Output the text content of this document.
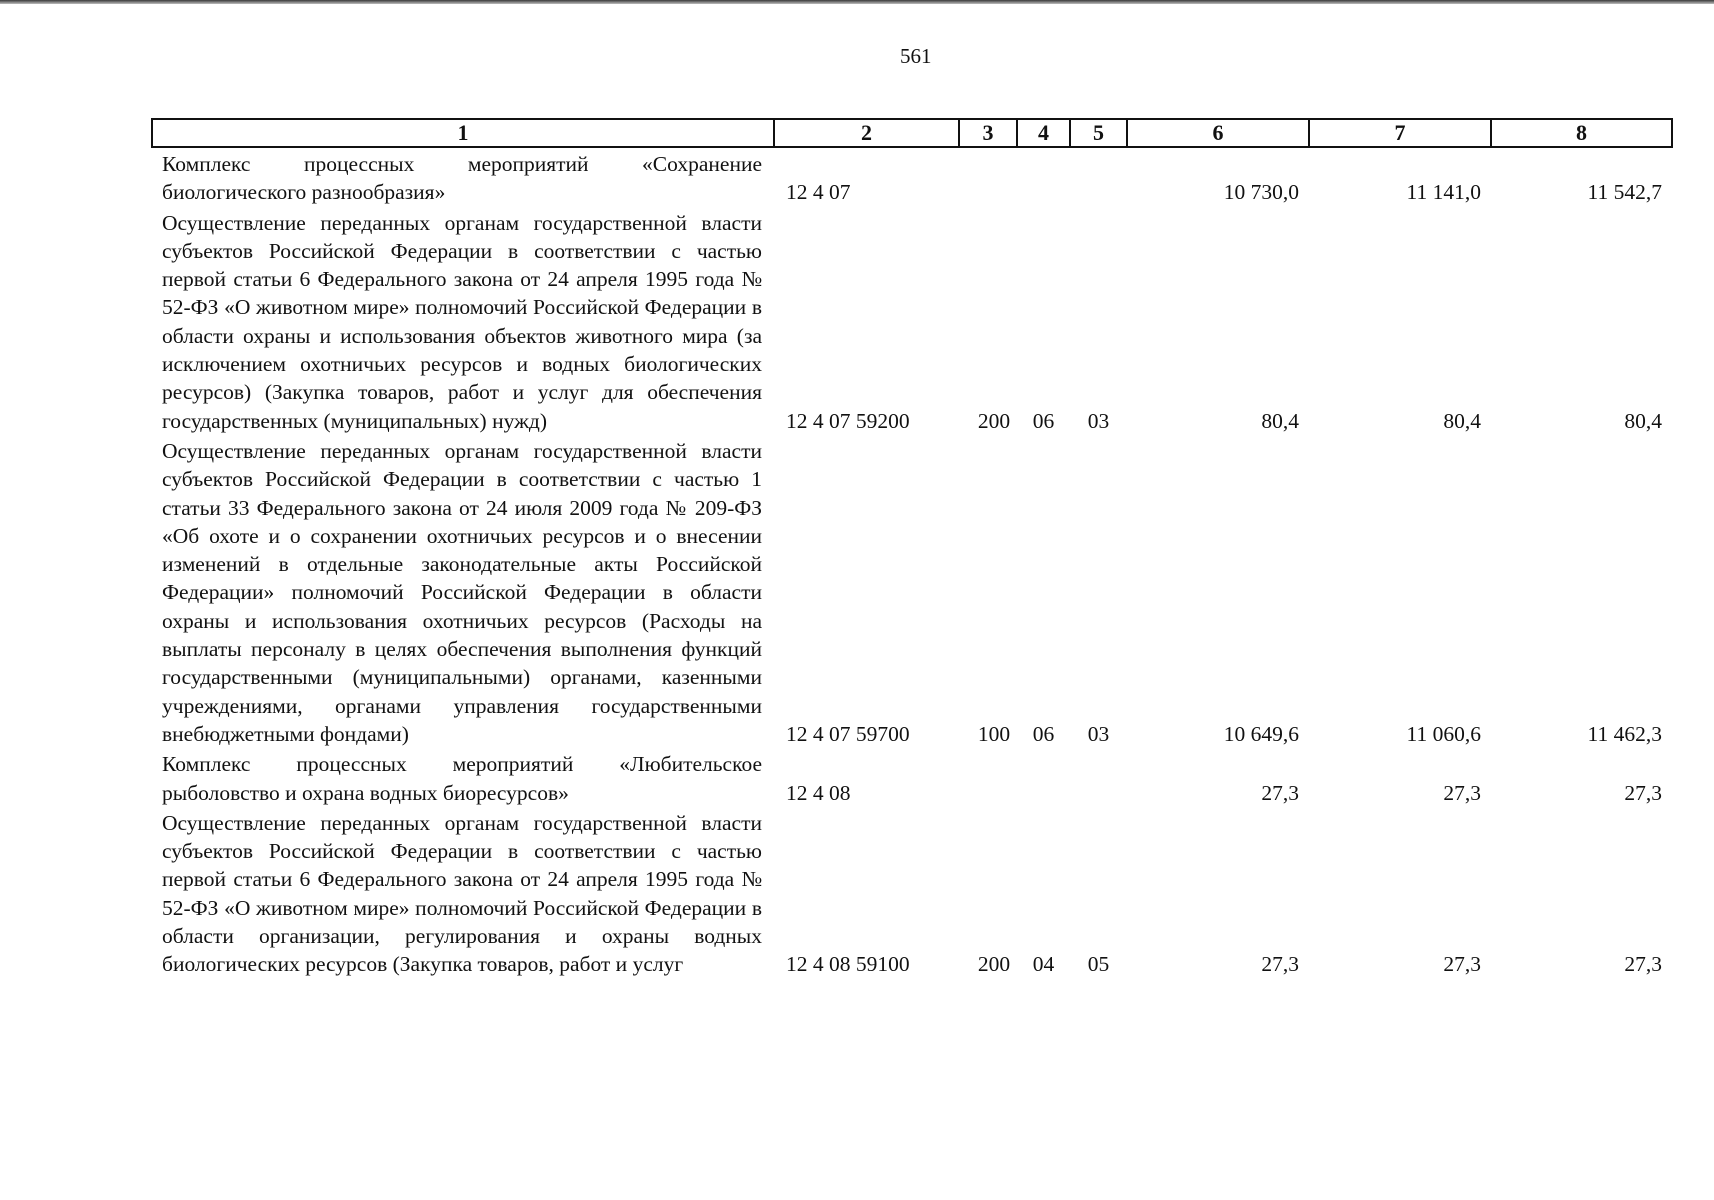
561
1	2	3	4	5	6	7	8
Комплекс процессных мероприятий «Сохранение биологического разнообразия»	12 4 07				10 730,0	11 141,0	11 542,7
Осуществление переданных органам государственной власти субъектов Российской Федерации в соответствии с частью первой статьи 6 Федерального закона от 24 апреля 1995 года № 52-ФЗ «О животном мире» полномочий Российской Федерации в области охраны и использования объектов животного мира (за исключением охотничьих ресурсов и водных биологических ресурсов) (Закупка товаров, работ и услуг для обеспечения государственных (муниципальных) нужд)	12 4 07 59200	200	06	03	80,4	80,4	80,4
Осуществление переданных органам государственной власти субъектов Российской Федерации в соответствии с частью 1 статьи 33 Федерального закона от 24 июля 2009 года № 209-ФЗ «Об охоте и о сохранении охотничьих ресурсов и о внесении изменений в отдельные законодательные акты Российской Федерации» полномочий Российской Федерации в области охраны и использования охотничьих ресурсов (Расходы на выплаты персоналу в целях обеспечения выполнения функций государственными (муниципальными) органами, казенными учреждениями, органами управления государственными внебюджетными фондами)	12 4 07 59700	100	06	03	10 649,6	11 060,6	11 462,3
Комплекс процессных мероприятий «Любительское рыболовство и охрана водных биоресурсов»	12 4 08				27,3	27,3	27,3
Осуществление переданных органам государственной власти субъектов Российской Федерации в соответствии с частью первой статьи 6 Федерального закона от 24 апреля 1995 года № 52-ФЗ «О животном мире» полномочий Российской Федерации в области организации, регулирования и охраны водных биологических ресурсов (Закупка товаров, работ и услуг	12 4 08 59100	200	04	05	27,3	27,3	27,3
